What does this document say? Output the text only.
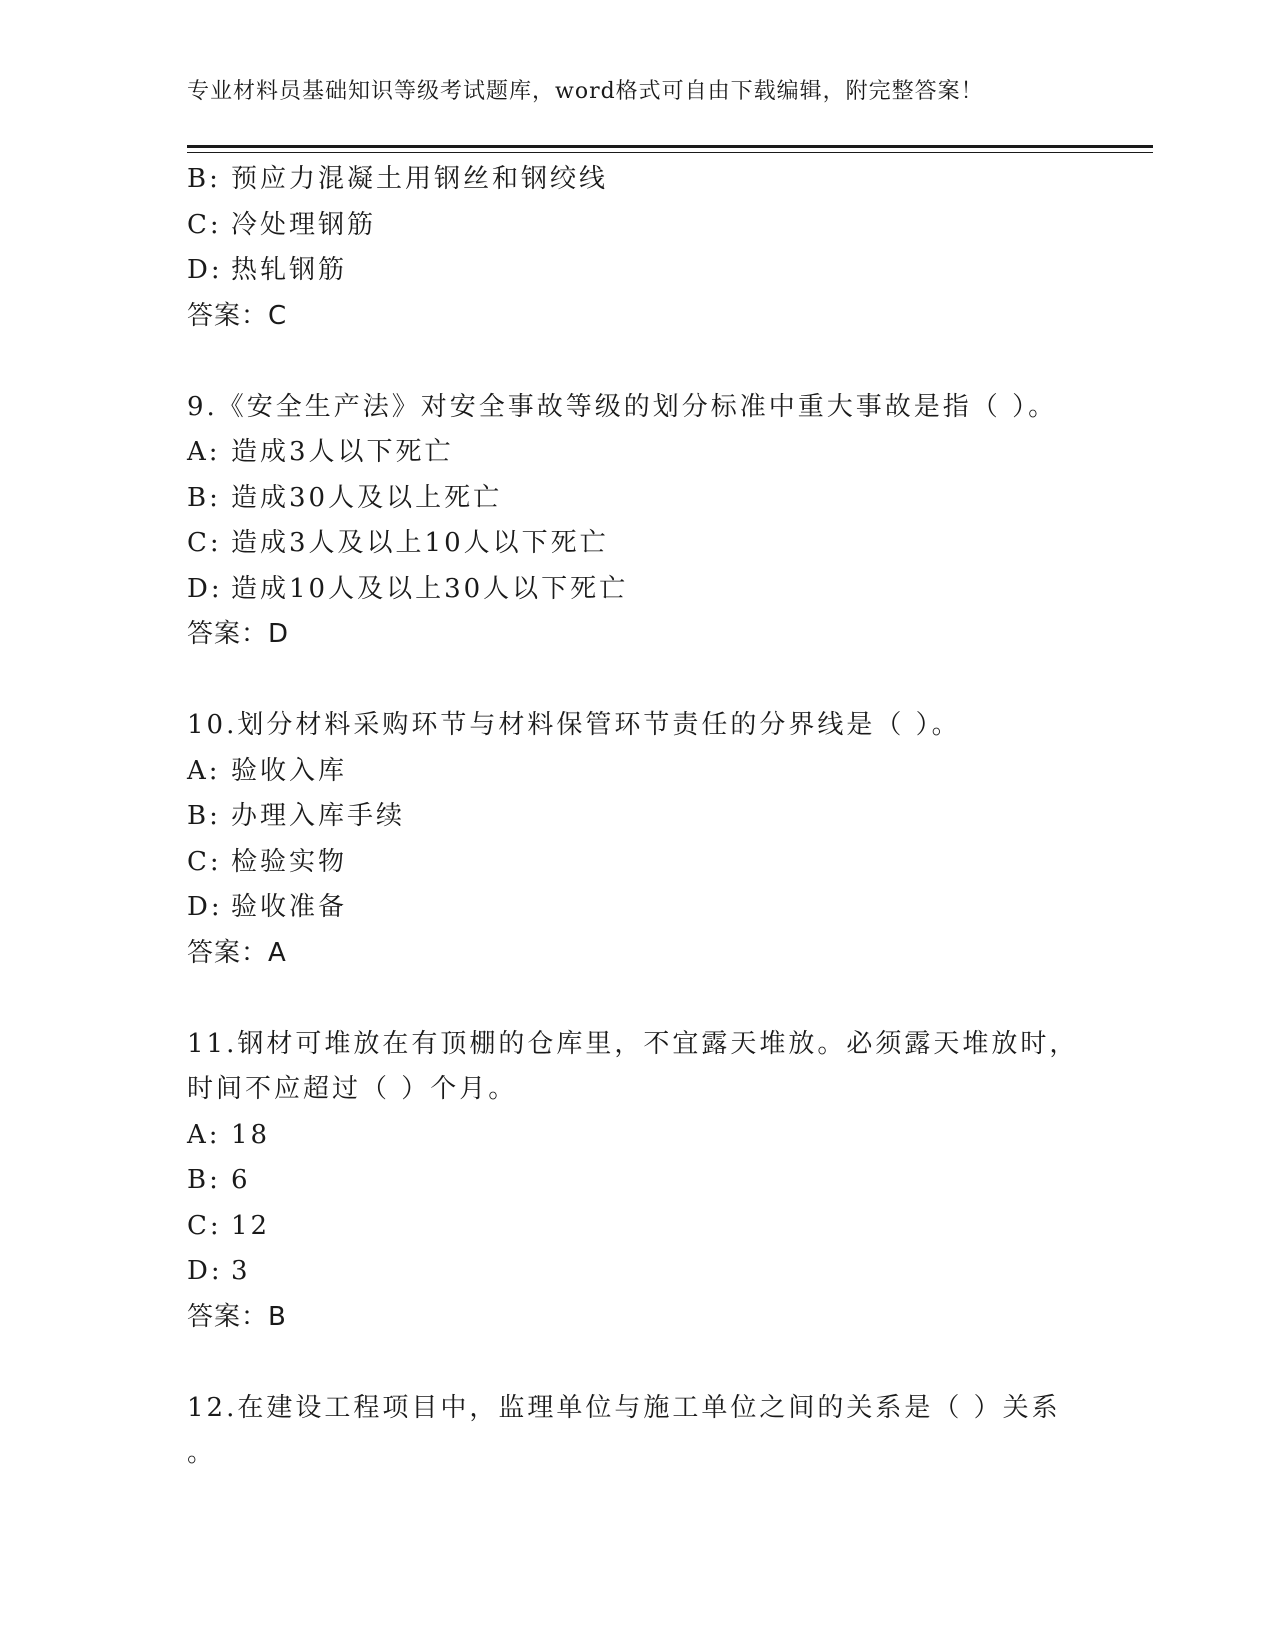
专业材料员基础知识等级考试题库，word格式可自由下载编辑，附完整答案！
B: 预应力混凝土用钢丝和钢绞线
C: 冷处理钢筋
D: 热轧钢筋
答案：C
9.《安全生产法》对安全事故等级的划分标准中重大事故是指（ ）。
A: 造成3人以下死亡
B: 造成30人及以上死亡
C: 造成3人及以上10人以下死亡
D: 造成10人及以上30人以下死亡
答案：D
10.划分材料采购环节与材料保管环节责任的分界线是（ ）。
A: 验收入库
B: 办理入库手续
C: 检验实物
D: 验收准备
答案：A
11.钢材可堆放在有顶棚的仓库里，不宜露天堆放。必须露天堆放时，
时间不应超过（ ）个月。
A: 18
B: 6
C: 12
D: 3
答案：B
12.在建设工程项目中，监理单位与施工单位之间的关系是（ ）关系
。
